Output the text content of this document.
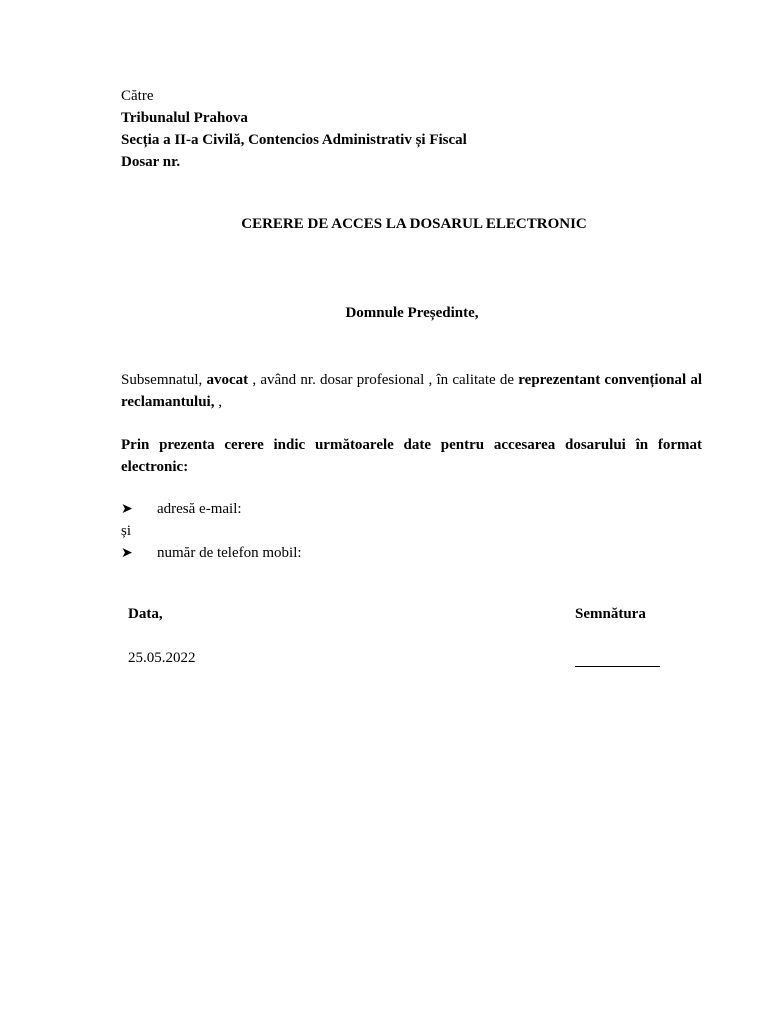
Către
Tribunalul Prahova
Secția a II-a Civilă, Contencios Administrativ și Fiscal
Dosar nr.
CERERE DE ACCES LA DOSARUL ELECTRONIC
Domnule Președinte,
Subsemnatul, avocat , având nr. dosar profesional , în calitate de reprezentant convențional al reclamantului, ,
Prin prezenta cerere indic următoarele date pentru accesarea dosarului în format electronic:
➤ adresă e-mail:
și
➤ număr de telefon mobil:
Data,	Semnătura
25.05.2022
